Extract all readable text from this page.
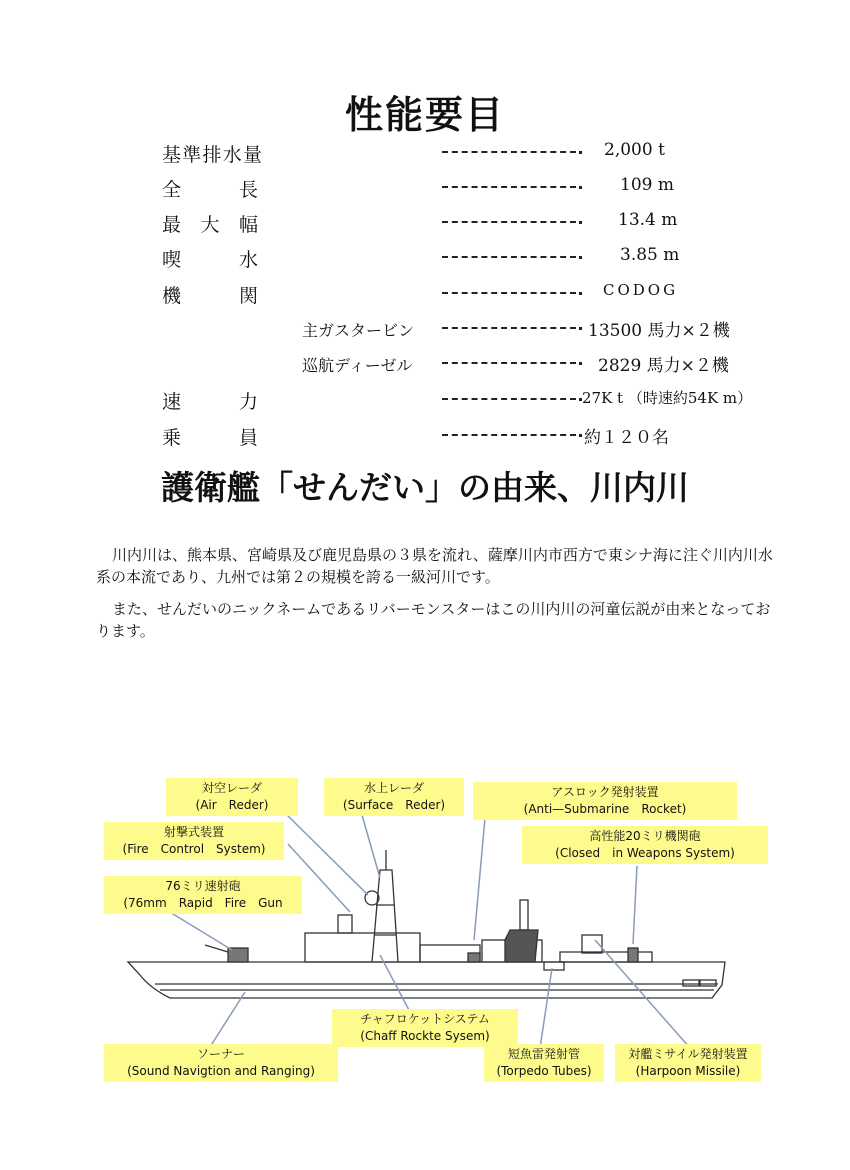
性能要目
基 準 排 水 量	2,000 t
全	長	109 m
最 大 幅	13.4 m
喫	水	3.85 m
機	関	CODOG
主ガスタービン	13500 馬力×２機
巡航ディーゼル	2829 馬力×２機
速	力	27K t （時速約54K m）
乗	員	約１２０名
護衛艦「せんだい」の由来、川内川

川内川は、熊本県、宮崎県及び鹿児島県の３県を流れ、薩摩川内市西方で東シナ海に注ぐ川内川水系の本流であり、九州では第２の規模を誇る一級河川です。

また、せんだいのニックネームであるリバーモンスターはこの川内川の河童伝説が由来となっております。

対空レーダ
(Air　Reder)
水上レーダ
(Surface　Reder)
アスロック発射装置
(Anti—Submarine　Rocket)
射撃式装置
(Fire　Control　System)
高性能20ミリ機関砲
(Closed　in Weapons System)
76ミリ速射砲
(76mm　Rapid　Fire　Gun
チャフロケットシステム
(Chaff Rockte Sysem)
ソーナー
(Sound Navigtion and Ranging)
短魚雷発射管
(Torpedo Tubes)
対艦ミサイル発射装置
(Harpoon Missile)
